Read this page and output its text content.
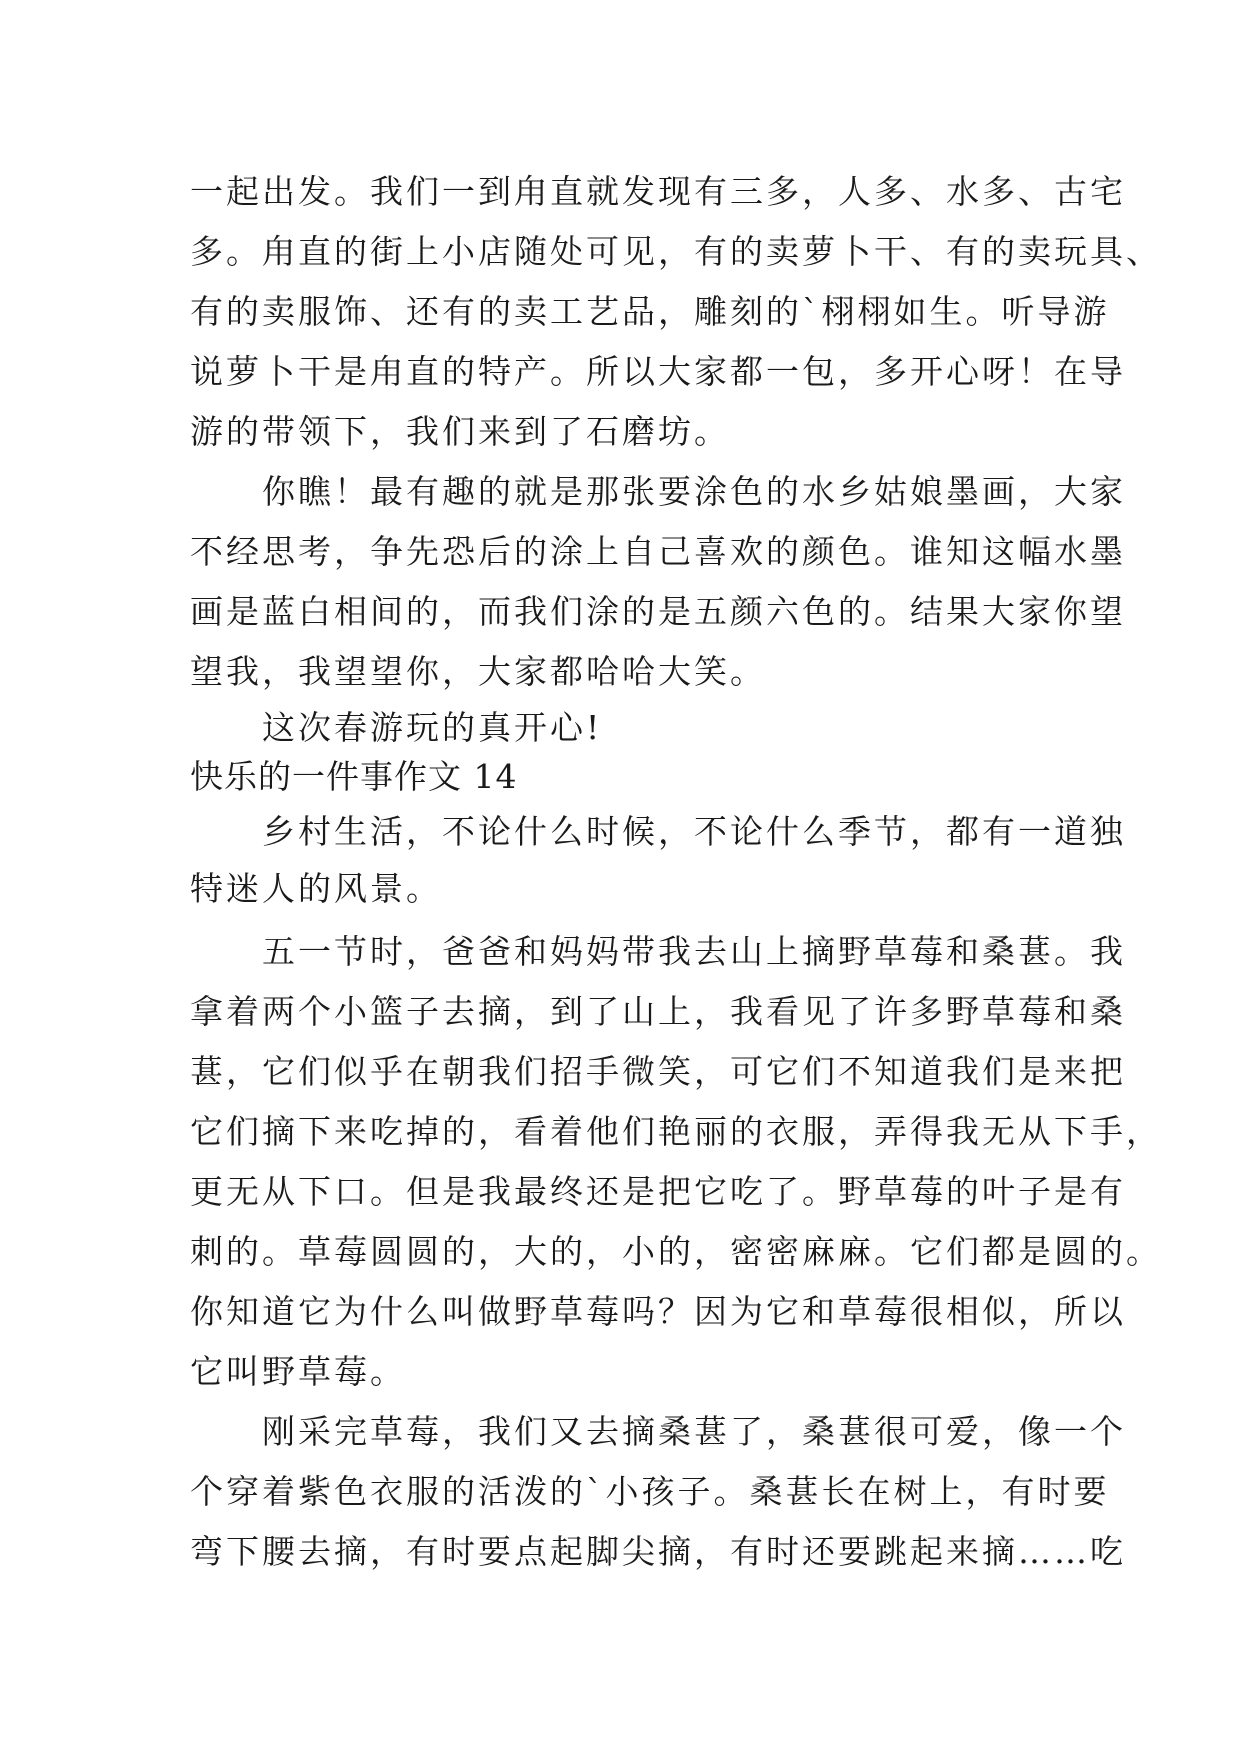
一起出发。我们一到甪直就发现有三多，人多、水多、古宅
多。甪直的街上小店随处可见，有的卖萝卜干、有的卖玩具、
有的卖服饰、还有的卖工艺品，雕刻的`栩栩如生。听导游
说萝卜干是甪直的特产。所以大家都一包，多开心呀！在导
游的带领下，我们来到了石磨坊。
　　你瞧！最有趣的就是那张要涂色的水乡姑娘墨画，大家
不经思考，争先恐后的涂上自己喜欢的颜色。谁知这幅水墨
画是蓝白相间的，而我们涂的是五颜六色的。结果大家你望
望我，我望望你，大家都哈哈大笑。
　　这次春游玩的真开心!
快乐的一件事作文 14
　　乡村生活，不论什么时候，不论什么季节，都有一道独
特迷人的风景。
　　五一节时，爸爸和妈妈带我去山上摘野草莓和桑葚。我
拿着两个小篮子去摘，到了山上，我看见了许多野草莓和桑
葚，它们似乎在朝我们招手微笑，可它们不知道我们是来把
它们摘下来吃掉的，看着他们艳丽的衣服，弄得我无从下手，
更无从下口。但是我最终还是把它吃了。野草莓的叶子是有
刺的。草莓圆圆的，大的，小的，密密麻麻。它们都是圆的。
你知道它为什么叫做野草莓吗？因为它和草莓很相似，所以
它叫野草莓。
　　刚采完草莓，我们又去摘桑葚了，桑葚很可爱，像一个
个穿着紫色衣服的活泼的`小孩子。桑葚长在树上，有时要
弯下腰去摘，有时要点起脚尖摘，有时还要跳起来摘……吃
